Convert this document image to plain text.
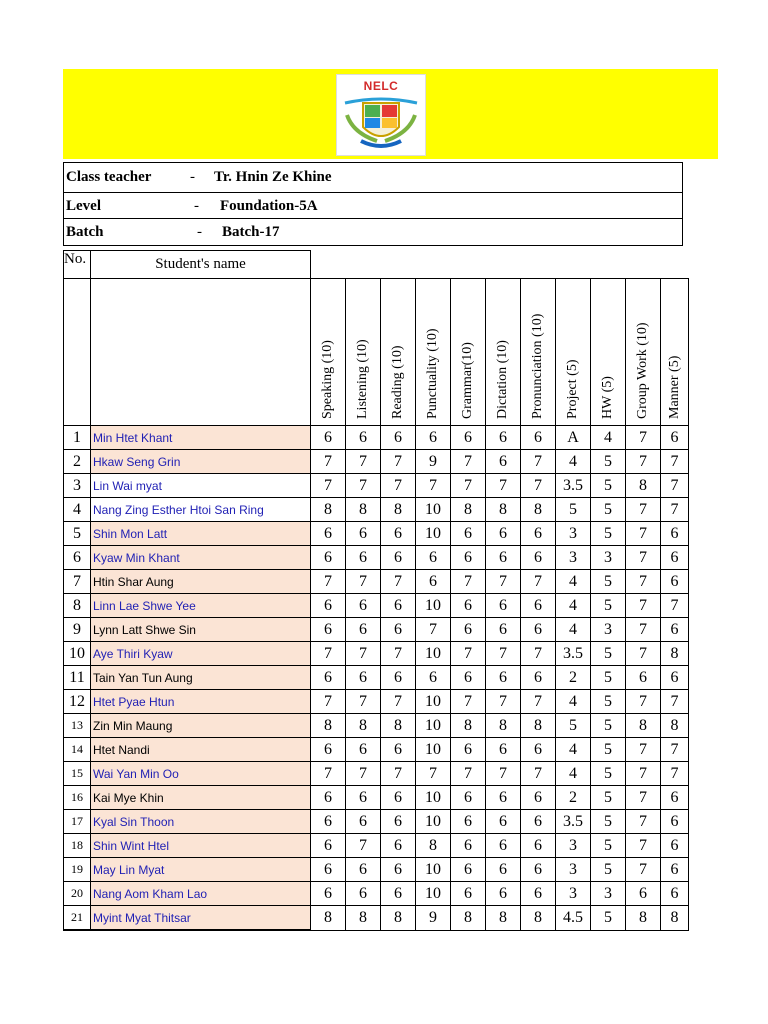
NELC
Class teacher	- Tr. Hnin Ze Khine
Level	- Foundation-5A
Batch	- Batch-17
No.	Student's name											

		Speaking (10)	Listening (10)	Reading (10)	Punctuality (10)	Grammar(10)	Dictation (10)	Pronunciation (10)	Project (5)	HW (5)	Group Work (10)	Manner (5)

1	Min Htet Khant	6	6	6	6	6	6	6	A	4	7	6
2	Hkaw Seng Grin	7	7	7	9	7	6	7	4	5	7	7
3	Lin Wai myat	7	7	7	7	7	7	7	3.5	5	8	7
4	Nang Zing Esther Htoi San Ring	8	8	8	10	8	8	8	5	5	7	7
5	Shin Mon Latt	6	6	6	10	6	6	6	3	5	7	6
6	Kyaw Min Khant	6	6	6	6	6	6	6	3	3	7	6
7	Htin Shar Aung	7	7	7	6	7	7	7	4	5	7	6
8	Linn Lae Shwe Yee	6	6	6	10	6	6	6	4	5	7	7
9	Lynn Latt Shwe Sin	6	6	6	7	6	6	6	4	3	7	6
10	Aye Thiri Kyaw	7	7	7	10	7	7	7	3.5	5	7	8
11	Tain Yan Tun Aung	6	6	6	6	6	6	6	2	5	6	6
12	Htet Pyae Htun	7	7	7	10	7	7	7	4	5	7	7
13	Zin Min Maung	8	8	8	10	8	8	8	5	5	8	8
14	Htet Nandi	6	6	6	10	6	6	6	4	5	7	7
15	Wai Yan Min Oo	7	7	7	7	7	7	7	4	5	7	7
16	Kai Mye Khin	6	6	6	10	6	6	6	2	5	7	6
17	Kyal Sin Thoon	6	6	6	10	6	6	6	3.5	5	7	6
18	Shin Wint Htel	6	7	6	8	6	6	6	3	5	7	6
19	May Lin Myat	6	6	6	10	6	6	6	3	5	7	6
20	Nang Aom Kham Lao	6	6	6	10	6	6	6	3	3	6	6
21	Myint Myat Thitsar	8	8	8	9	8	8	8	4.5	5	8	8
